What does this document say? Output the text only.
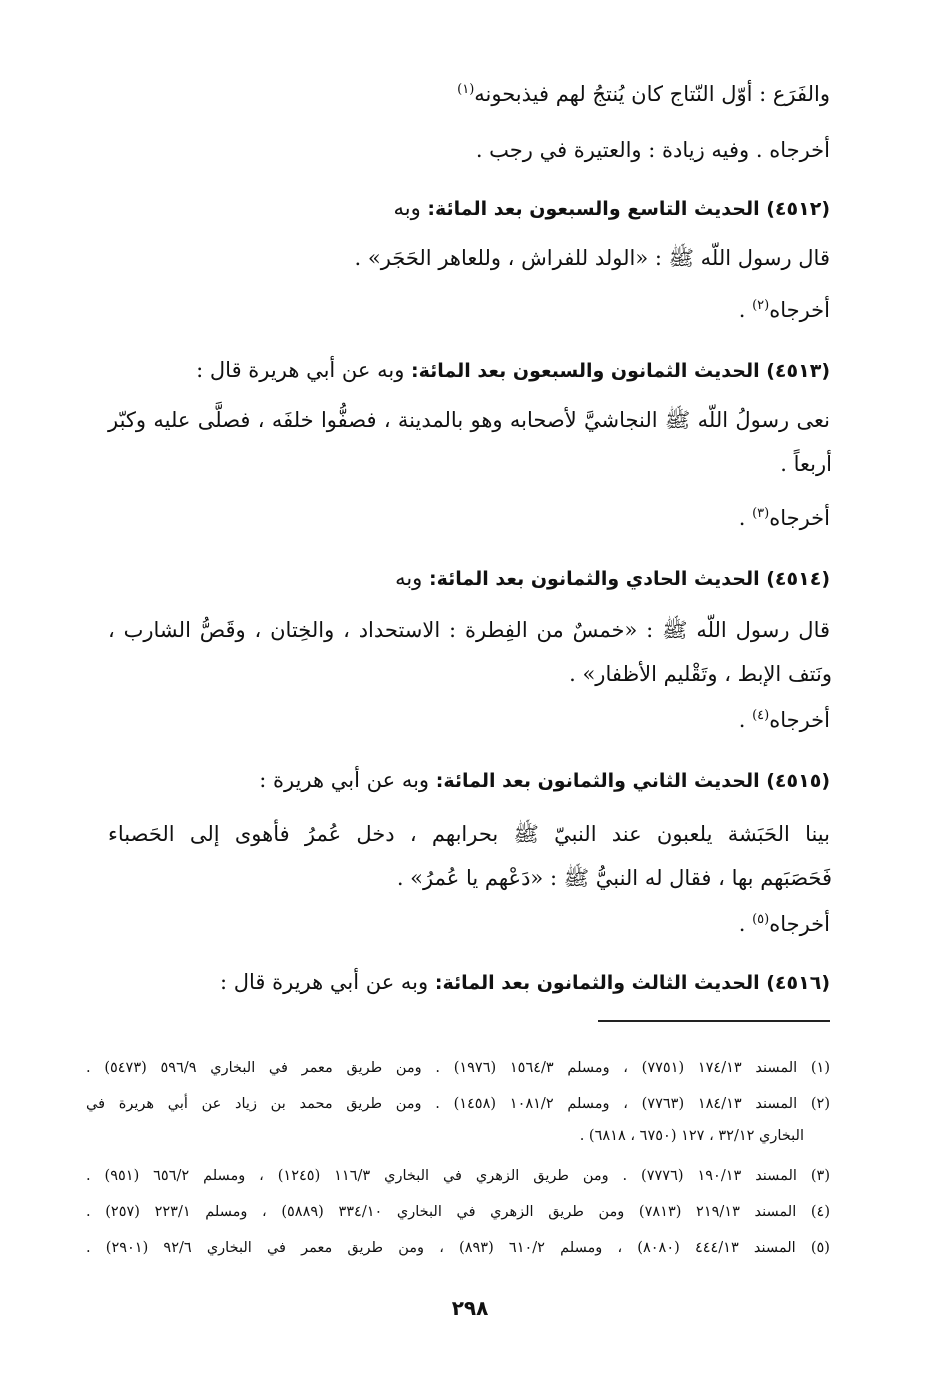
والفَرَع : أوّل النّتاج كان يُنتجُ لهم فيذبحونه$^{(١)}$

أخرجاه . وفيه زيادة : والعتيرة في رجب .

(٤٥١٢) الحديث التاسع والسبعون بعد المائة: وبه

قال رسول اللّه ﷺ : «الولد للفراش ، وللعاهر الحَجَر» .

أخرجاه$^{(٢)}$ .

(٤٥١٣) الحديث الثمانون والسبعون بعد المائة: وبه عن أبي هريرة قال :

نعى رسولُ اللّه ﷺ النجاشيَّ لأصحابه وهو بالمدينة ، فصفُّوا خلفَه ، فصلَّى عليه وكبّر

أربعاً .

أخرجاه$^{(٣)}$ .

(٤٥١٤) الحديث الحادي والثمانون بعد المائة: وبه

قال رسول اللّه ﷺ : «خمسٌ من الفِطرة : الاستحداد ، والخِتان ، وقَصُّ الشارب ،

ونَتف الإبط ، وتَقْليم الأظفار» .

أخرجاه$^{(٤)}$ .

(٤٥١٥) الحديث الثاني والثمانون بعد المائة: وبه عن أبي هريرة :

بينا الحَبَشة يلعبون عند النبيّ ﷺ بحرابهم ، دخل عُمرُ فأهوى إلى الحَصباء

فَحَصَبَهم بها ، فقال له النبيُّ ﷺ : «دَعْهم يا عُمرُ» .

أخرجاه$^{(٥)}$ .

(٤٥١٦) الحديث الثالث والثمانون بعد المائة: وبه عن أبي هريرة قال :

(١) المسند ١٧٤/١٣ (٧٧٥١) ، ومسلم ١٥٦٤/٣ (١٩٧٦) . ومن طريق معمر في البخاري ٥٩٦/٩ (٥٤٧٣) .

(٢) المسند ١٨٤/١٣ (٧٧٦٣) ، ومسلم ١٠٨١/٢ (١٤٥٨) . ومن طريق محمد بن زياد عن أبي هريرة في

البخاري ٣٢/١٢ ، ١٢٧ (٦٧٥٠ ، ٦٨١٨) .

(٣) المسند ١٩٠/١٣ (٧٧٧٦) . ومن طريق الزهري في البخاري ١١٦/٣ (١٢٤٥) ، ومسلم ٦٥٦/٢ (٩٥١) .

(٤) المسند ٢١٩/١٣ (٧٨١٣) ومن طريق الزهري في البخاري ٣٣٤/١٠ (٥٨٨٩) ، ومسلم ٢٢٣/١ (٢٥٧) .

(٥) المسند ٤٤٤/١٣ (٨٠٨٠) ، ومسلم ٦١٠/٢ (٨٩٣) ، ومن طريق معمر في البخاري ٩٢/٦ (٢٩٠١) .

٢٩٨
